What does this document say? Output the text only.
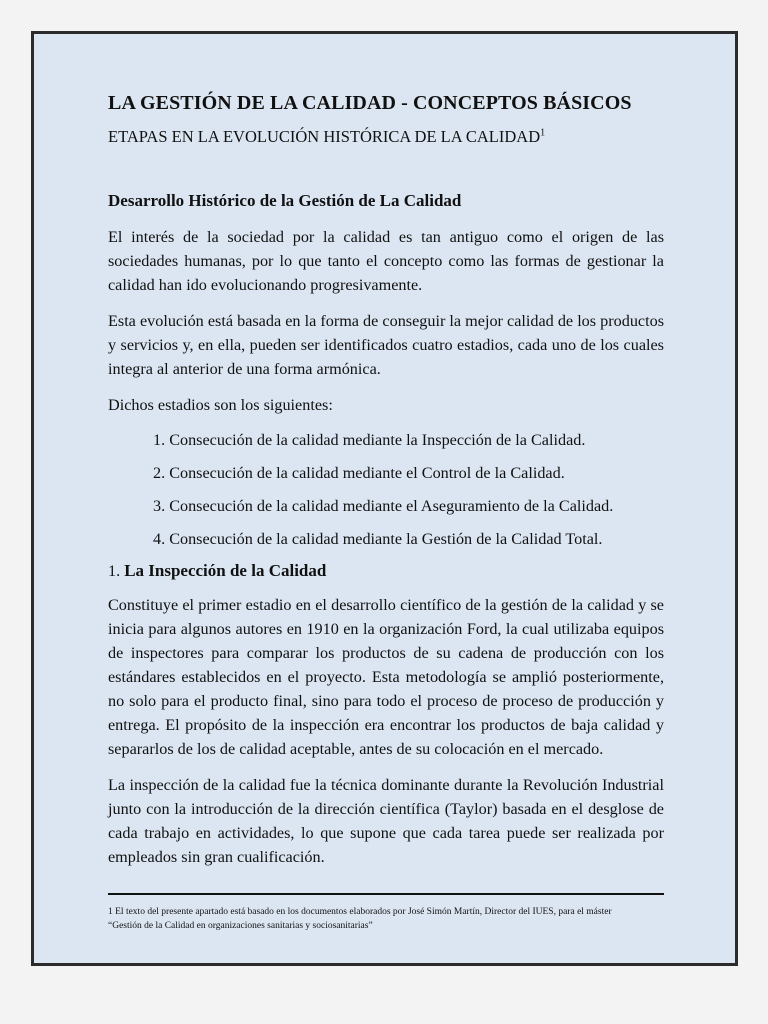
LA GESTIÓN DE LA CALIDAD - CONCEPTOS BÁSICOS
ETAPAS EN LA EVOLUCIÓN HISTÓRICA DE LA CALIDAD$^1$
Desarrollo Histórico de la Gestión de La Calidad

El interés de la sociedad por la calidad es tan antiguo como el origen de las sociedades humanas, por lo que tanto el concepto como las formas de gestionar la calidad han ido evolucionando progresivamente.

Esta evolución está basada en la forma de conseguir la mejor calidad de los productos y servicios y, en ella, pueden ser identificados cuatro estadios, cada uno de los cuales integra al anterior de una forma armónica.

Dichos estadios son los siguientes:

1. Consecución de la calidad mediante la Inspección de la Calidad.
2. Consecución de la calidad mediante el Control de la Calidad.
3. Consecución de la calidad mediante el Aseguramiento de la Calidad.
4. Consecución de la calidad mediante la Gestión de la Calidad Total.
1. La Inspección de la Calidad

Constituye el primer estadio en el desarrollo científico de la gestión de la calidad y se inicia para algunos autores en 1910 en la organización Ford, la cual utilizaba equipos de inspectores para comparar los productos de su cadena de producción con los estándares establecidos en el proyecto. Esta metodología se amplió posteriormente, no solo para el producto final, sino para todo el proceso de proceso de producción y entrega. El propósito de la inspección era encontrar los productos de baja calidad y separarlos de los de calidad aceptable, antes de su colocación en el mercado.

La inspección de la calidad fue la técnica dominante durante la Revolución Industrial junto con la introducción de la dirección científica (Taylor) basada en el desglose de cada trabajo en actividades, lo que supone que cada tarea puede ser realizada por empleados sin gran cualificación.

1 El texto del presente apartado está basado en los documentos elaborados por José Simón Martín, Director del IUES, para el máster
“Gestión de la Calidad en organizaciones sanitarias y sociosanitarias”
